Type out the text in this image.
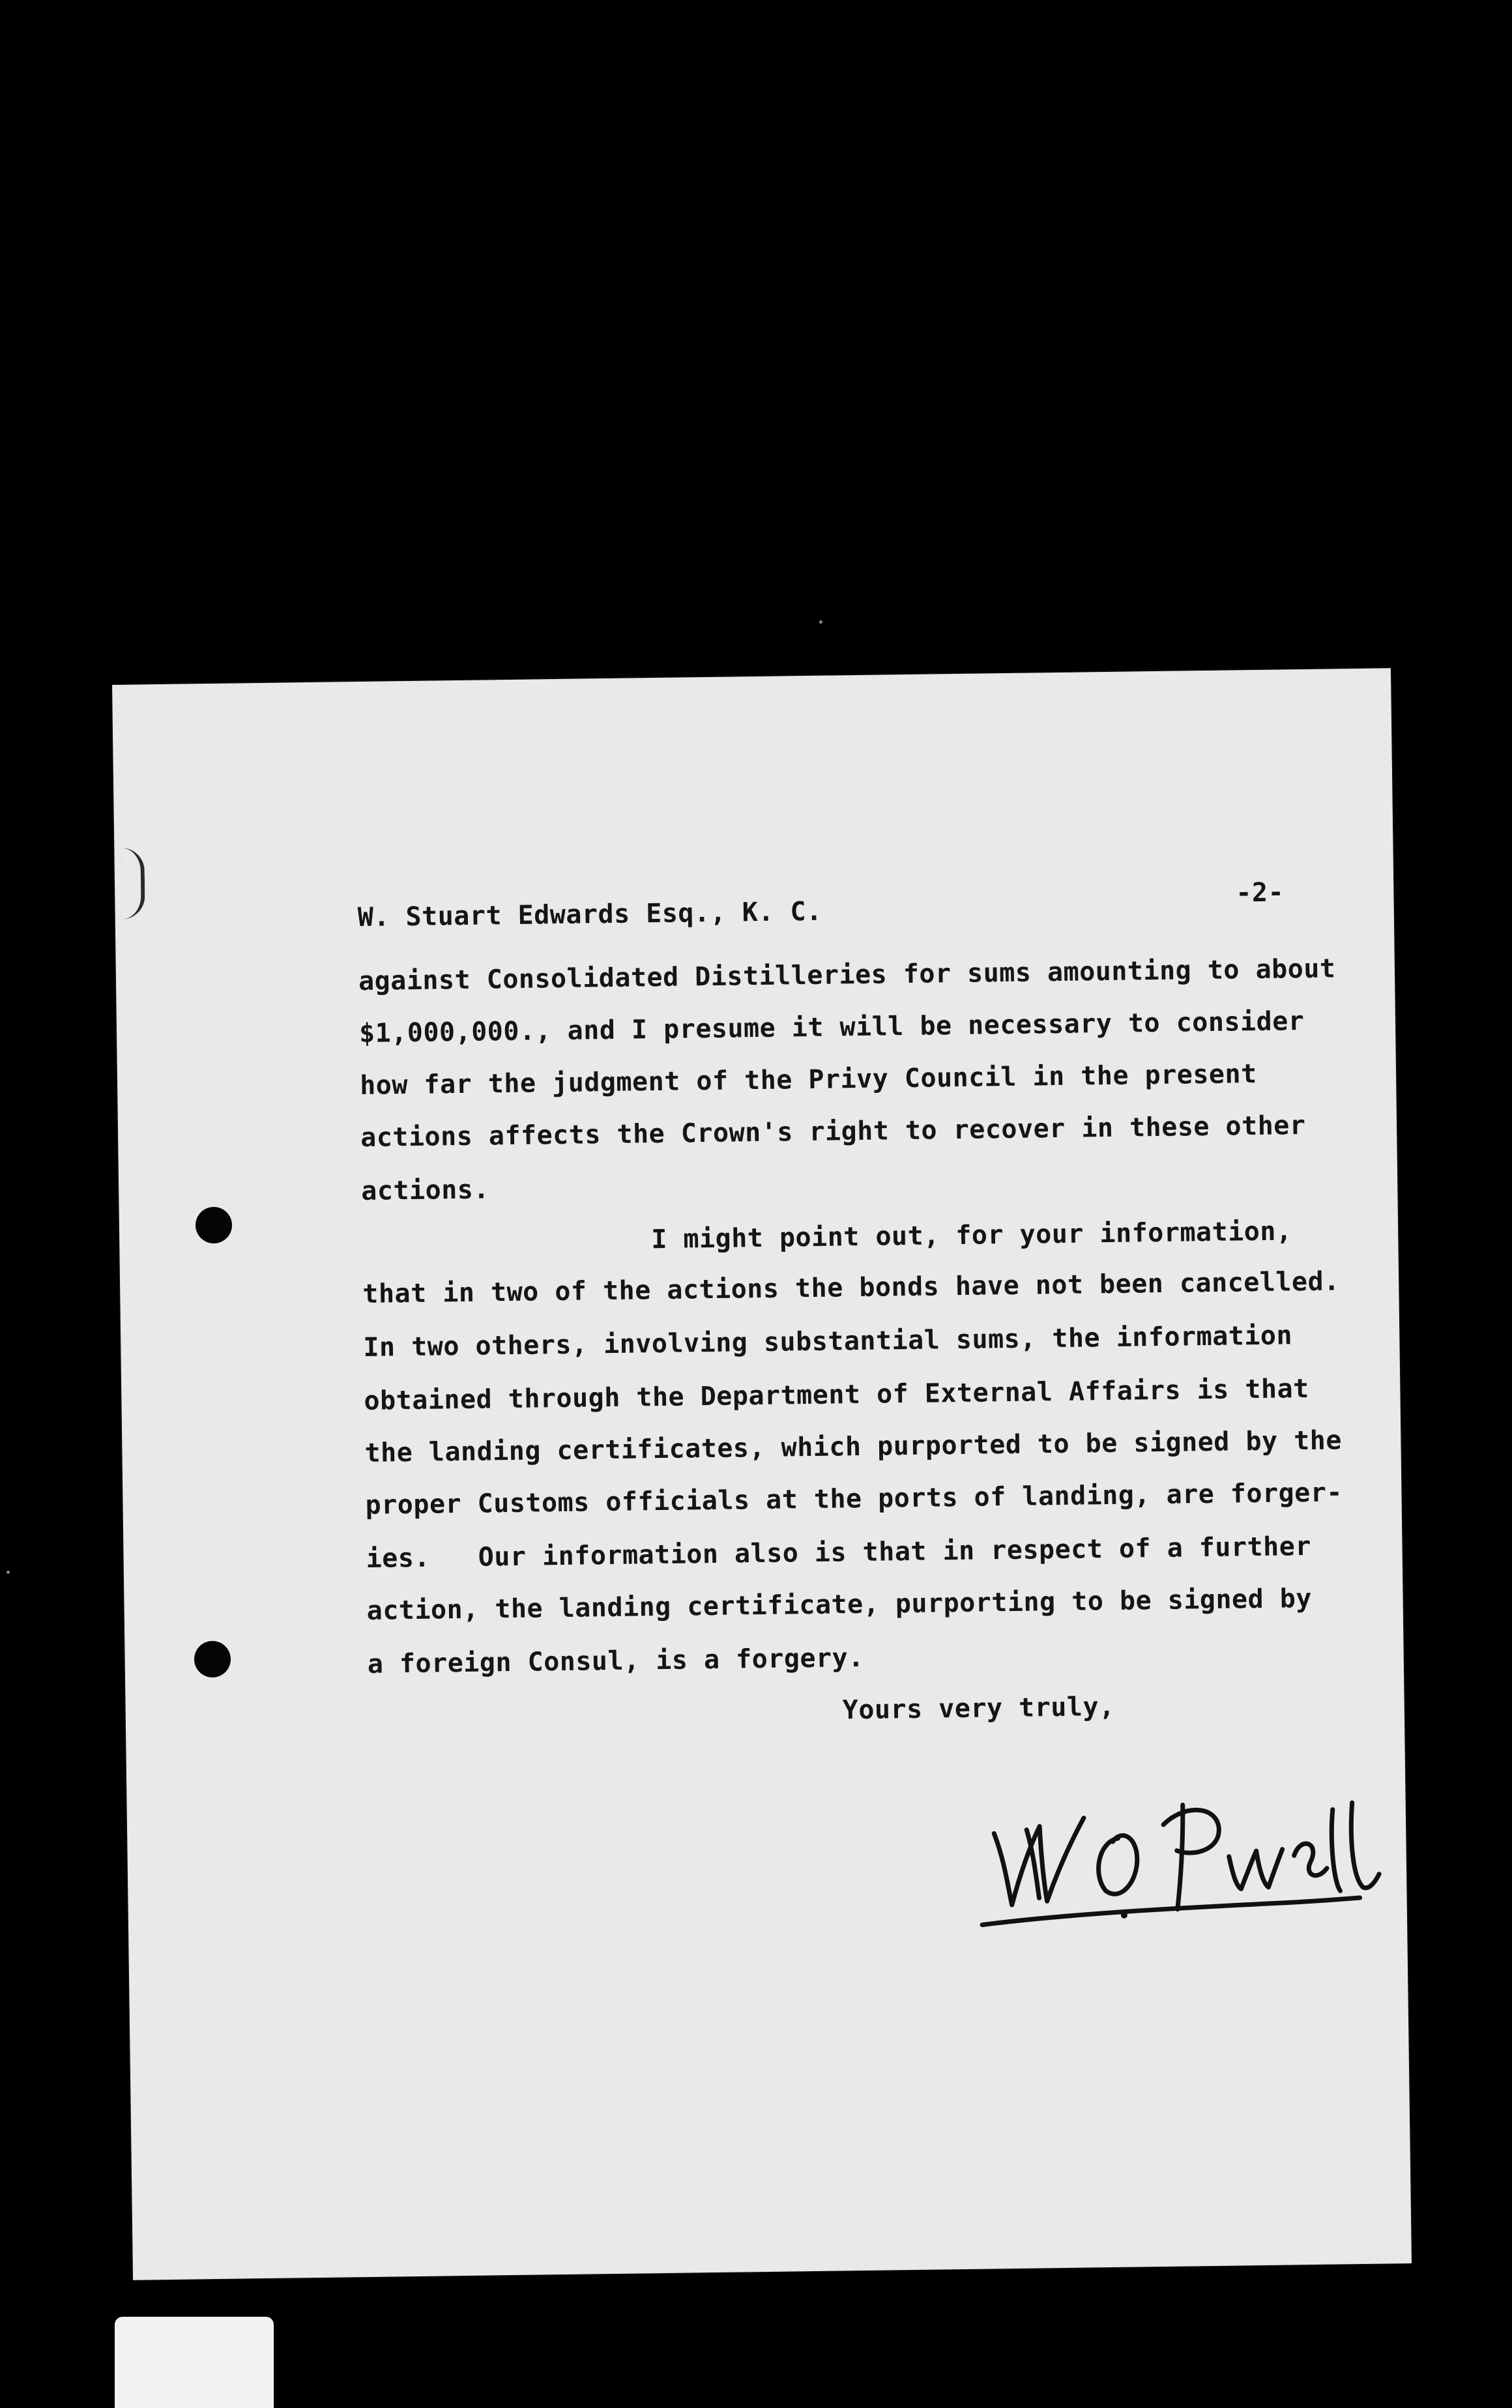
W. Stuart Edwards Esq., K. C.
-2-
against Consolidated Distilleries for sums amounting to about
$1,000,000., and I presume it will be necessary to consider
how far the judgment of the Privy Council in the present
actions affects the Crown's right to recover in these other
actions.
I might point out, for your information,
that in two of the actions the bonds have not been cancelled.
In two others, involving substantial sums, the information
obtained through the Department of External Affairs is that
the landing certificates, which purported to be signed by the
proper Customs officials at the ports of landing, are forger-
ies.   Our information also is that in respect of a further
action, the landing certificate, purporting to be signed by
a foreign Consul, is a forgery.
Yours very truly,
